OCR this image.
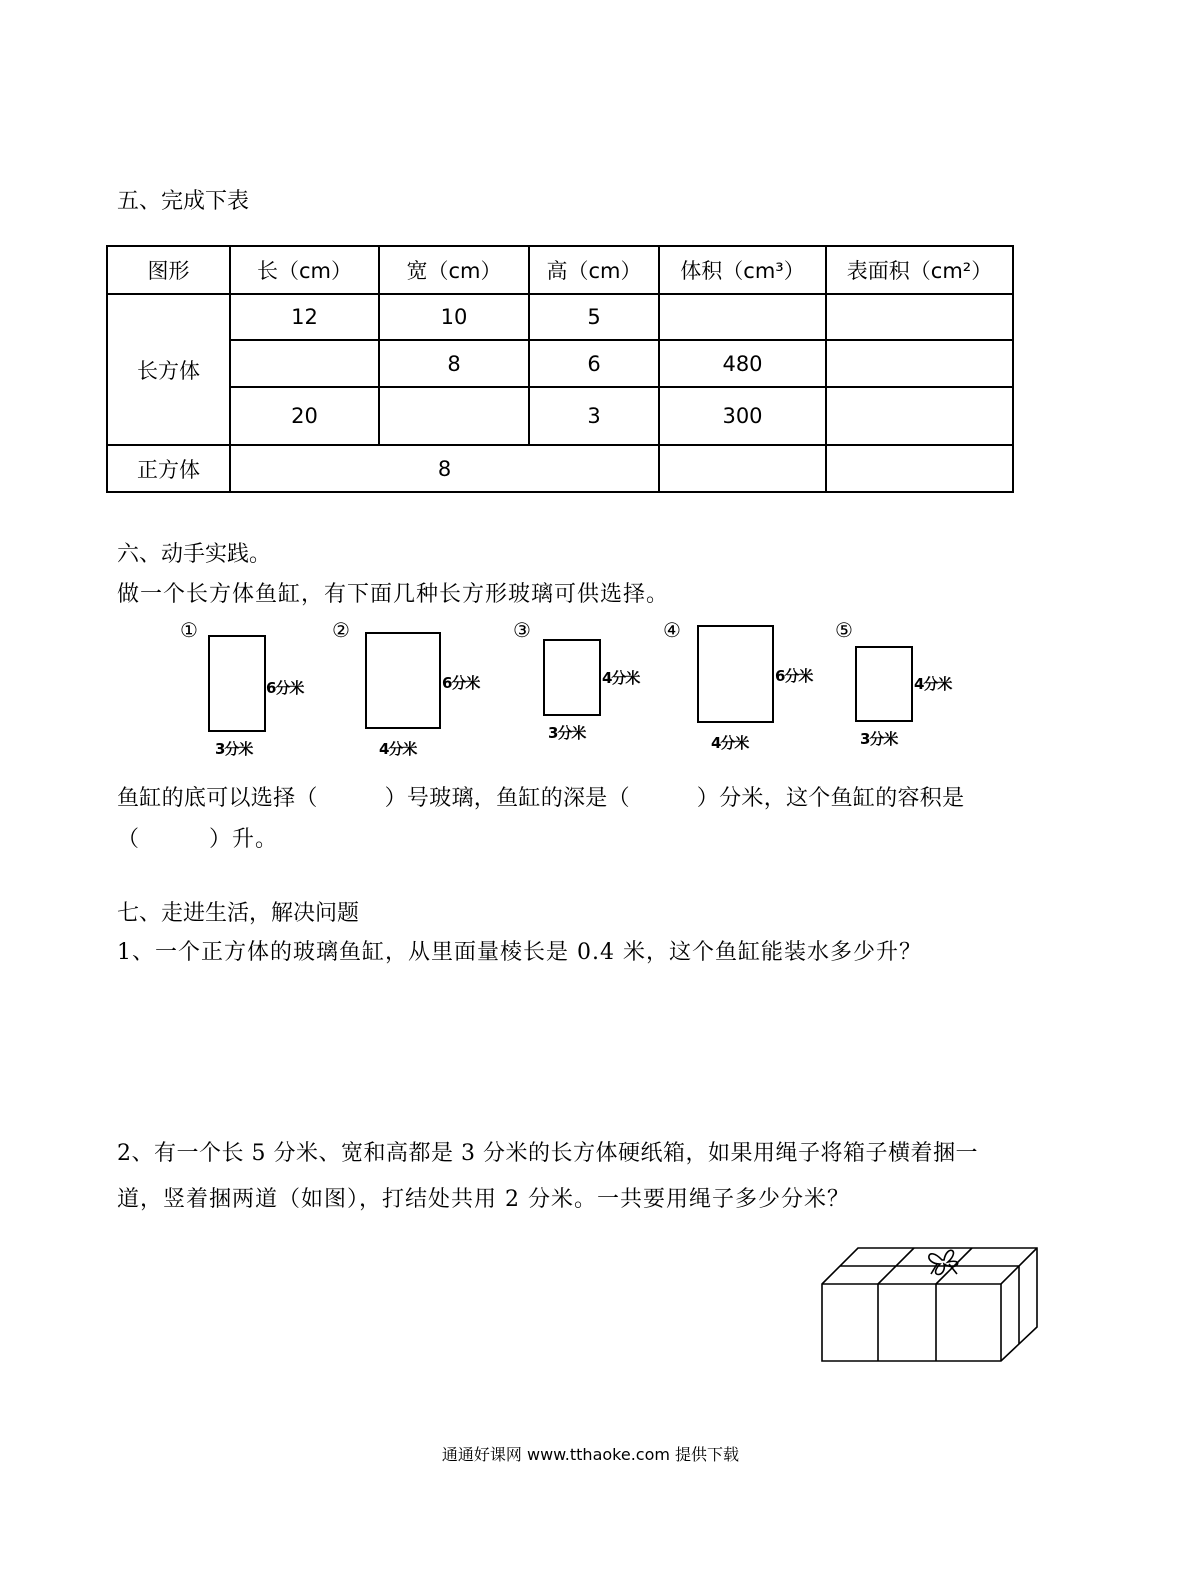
五、完成下表
图形	长（cm）	宽（cm）	高（cm）	体积（cm³）	表面积（cm²）
长方体	12	10	5		
		8	6	480	
	20		3	300	
正方体	8				
六、动手实践。
做一个长方体鱼缸，有下面几种长方形玻璃可供选择。
①
6分米
3分米
②
6分米
4分米
③
4分米
3分米
④
6分米
4分米
⑤
4分米
3分米
鱼缸的底可以选择（　　　）号玻璃，鱼缸的深是（　　　）分米，这个鱼缸的容积是
（　　　）升。
七、走进生活，解决问题
1、一个正方体的玻璃鱼缸，从里面量棱长是 0.4 米，这个鱼缸能装水多少升？
2、有一个长 5 分米、宽和高都是 3 分米的长方体硬纸箱，如果用绳子将箱子横着捆一
道，竖着捆两道（如图），打结处共用 2 分米。一共要用绳子多少分米？
通通好课网 www.tthaoke.com 提供下载
